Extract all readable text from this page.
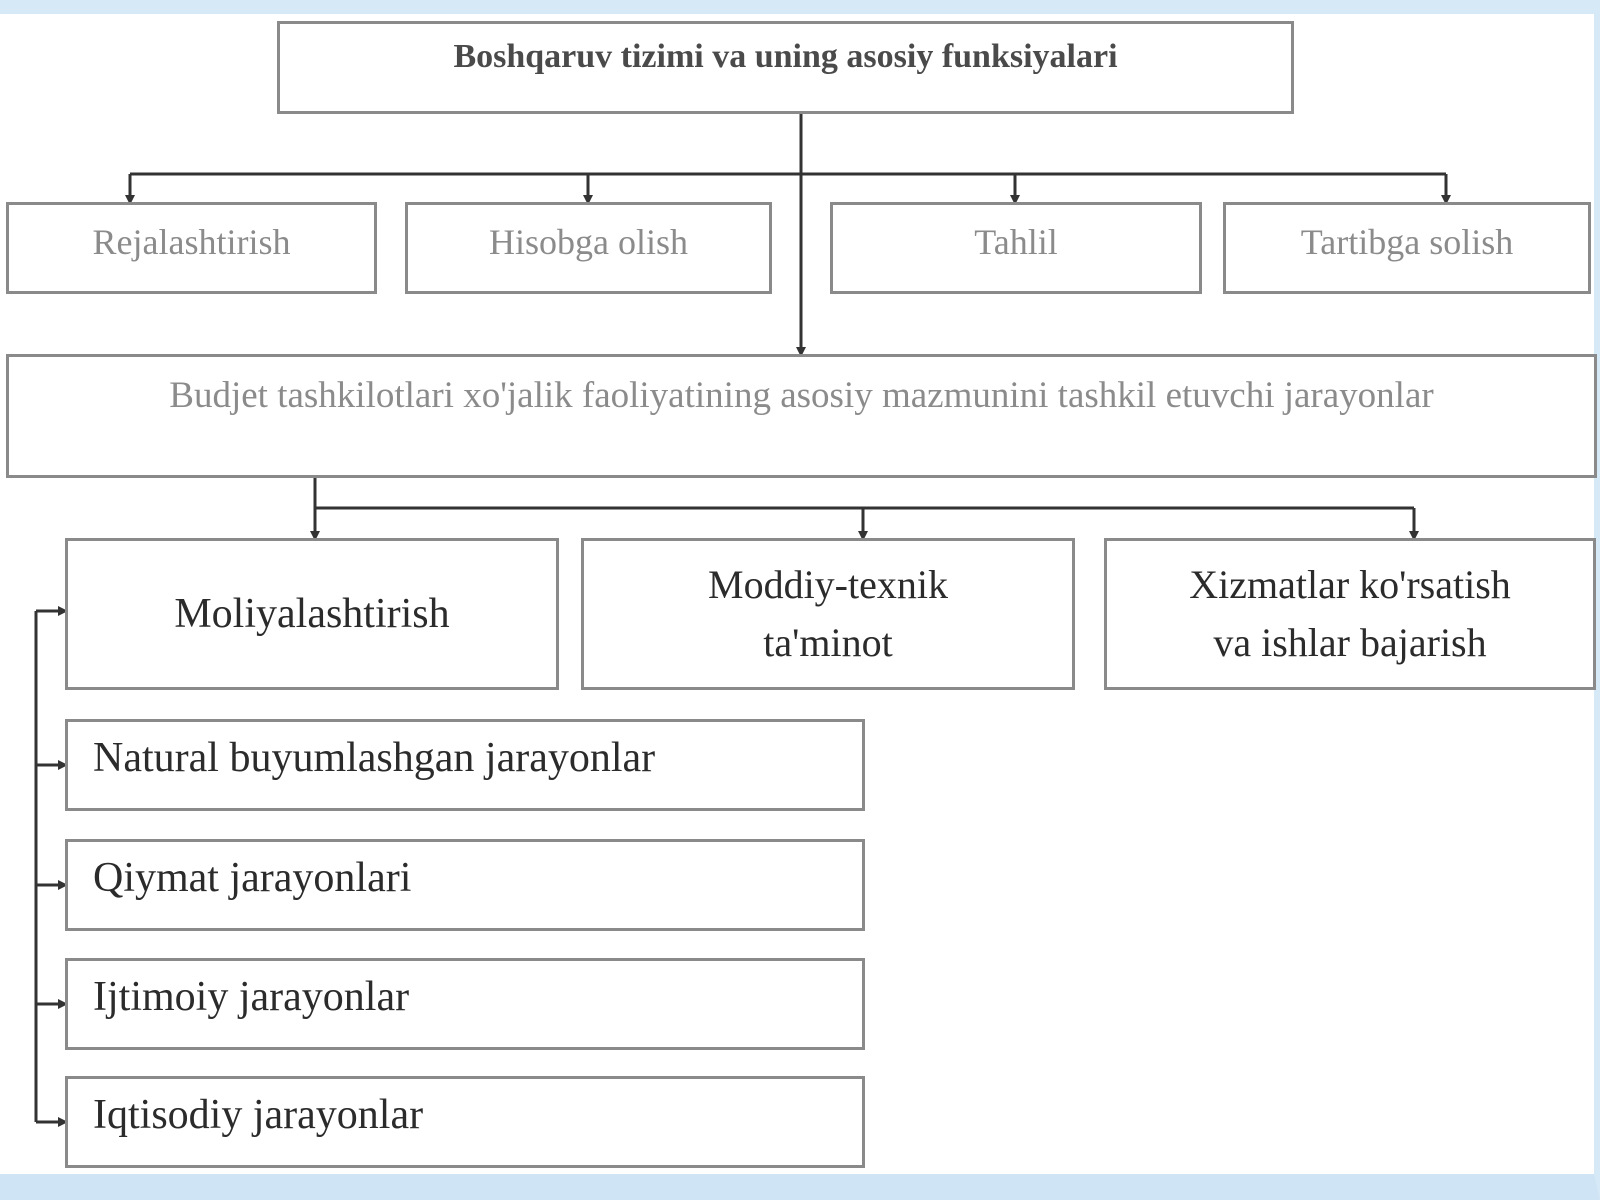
Boshqaruv tizimi va uning asosiy funksiyalari
Rejalashtirish	Hisobga olish	Tahlil	Tartibga solish
Budjet tashkilotlari xo'jalik faoliyatining asosiy mazmunini tashkil etuvchi jarayonlar
Moliyalashtirish
Moddiy-texnik
ta'minot
Xizmatlar ko'rsatish
va ishlar bajarish
Natural buyumlashgan jarayonlar
Qiymat jarayonlari
Ijtimoiy jarayonlar
Iqtisodiy jarayonlar
